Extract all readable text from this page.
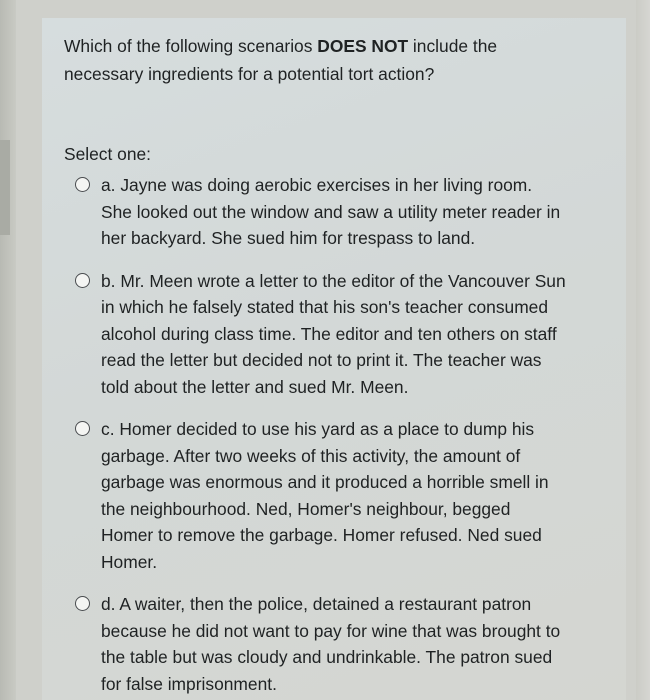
Which of the following scenarios DOES NOT include the necessary ingredients for a potential tort action?

Select one:
a. Jayne was doing aerobic exercises in her living room. She looked out the window and saw a utility meter reader in her backyard. She sued him for trespass to land.
b. Mr. Meen wrote a letter to the editor of the Vancouver Sun in which he falsely stated that his son's teacher consumed alcohol during class time. The editor and ten others on staff read the letter but decided not to print it. The teacher was told about the letter and sued Mr. Meen.
c. Homer decided to use his yard as a place to dump his garbage. After two weeks of this activity, the amount of garbage was enormous and it produced a horrible smell in the neighbourhood. Ned, Homer's neighbour, begged Homer to remove the garbage. Homer refused. Ned sued Homer.
d. A waiter, then the police, detained a restaurant patron because he did not want to pay for wine that was brought to the table but was cloudy and undrinkable. The patron sued for false imprisonment.
